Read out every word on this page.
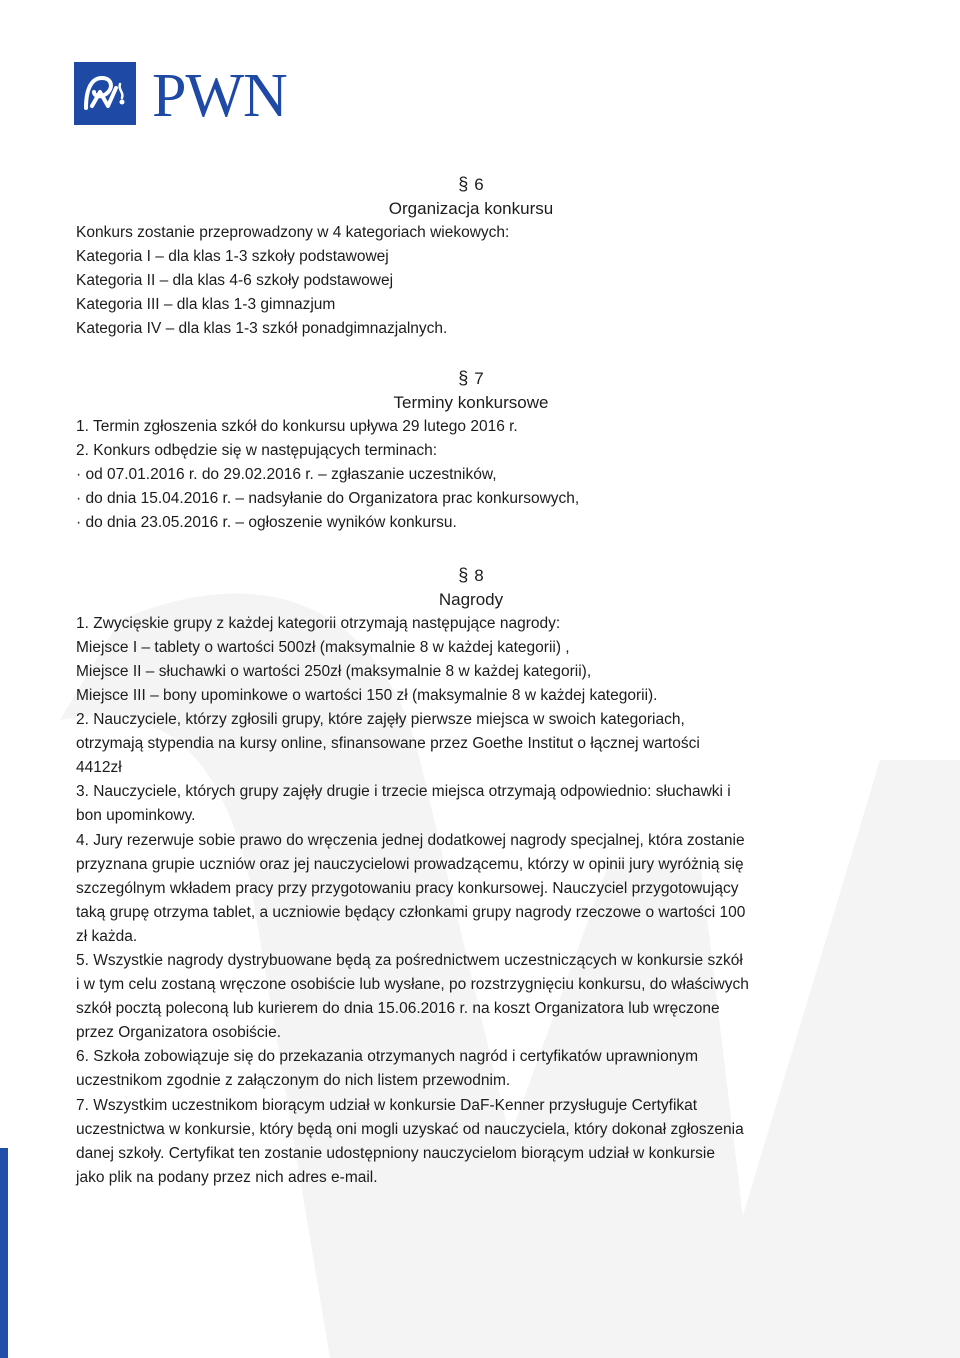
PWN
§ 6
Organizacja konkursu
Konkurs zostanie przeprowadzony w 4 kategoriach wiekowych:
Kategoria I – dla klas 1-3 szkoły podstawowej
Kategoria II – dla klas 4-6 szkoły podstawowej
Kategoria III – dla klas 1-3 gimnazjum
Kategoria IV – dla klas 1-3 szkół ponadgimnazjalnych.
§ 7
Terminy konkursowe
1. Termin zgłoszenia szkół do konkursu upływa 29 lutego 2016 r.
2. Konkurs odbędzie się w następujących terminach:
· od 07.01.2016 r. do 29.02.2016 r. – zgłaszanie uczestników,
· do dnia 15.04.2016 r. – nadsyłanie do Organizatora prac konkursowych,
· do dnia 23.05.2016 r. – ogłoszenie wyników konkursu.
§ 8
Nagrody
1. Zwycięskie grupy z każdej kategorii otrzymają następujące nagrody:
Miejsce I – tablety o wartości 500zł (maksymalnie 8 w każdej kategorii) ,
Miejsce II – słuchawki o wartości 250zł (maksymalnie 8 w każdej kategorii),
Miejsce III – bony upominkowe o wartości 150 zł (maksymalnie 8 w każdej kategorii).
2. Nauczyciele, którzy zgłosili grupy, które zajęły pierwsze miejsca w swoich kategoriach,
otrzymają stypendia na kursy online, sfinansowane przez Goethe Institut o łącznej wartości
4412zł
3. Nauczyciele, których grupy zajęły drugie i trzecie miejsca otrzymają odpowiednio: słuchawki i
bon upominkowy.
4. Jury rezerwuje sobie prawo do wręczenia jednej dodatkowej nagrody specjalnej, która zostanie
przyznana grupie uczniów oraz jej nauczycielowi prowadzącemu, którzy w opinii jury wyróżnią się
szczególnym wkładem pracy przy przygotowaniu pracy konkursowej. Nauczyciel przygotowujący
taką grupę otrzyma tablet, a uczniowie będący członkami grupy nagrody rzeczowe o wartości 100
zł każda.
5. Wszystkie nagrody dystrybuowane będą za pośrednictwem uczestniczących w konkursie szkół
i w tym celu zostaną wręczone osobiście lub wysłane, po rozstrzygnięciu konkursu, do właściwych
szkół pocztą poleconą lub kurierem do dnia 15.06.2016 r. na koszt Organizatora lub wręczone
przez Organizatora osobiście.
6. Szkoła zobowiązuje się do przekazania otrzymanych nagród i certyfikatów uprawnionym
uczestnikom zgodnie z załączonym do nich listem przewodnim.
7. Wszystkim uczestnikom biorącym udział w konkursie DaF-Kenner przysługuje Certyfikat
uczestnictwa w konkursie, który będą oni mogli uzyskać od nauczyciela, który dokonał zgłoszenia
danej szkoły. Certyfikat ten zostanie udostępniony nauczycielom biorącym udział w konkursie
jako plik na podany przez nich adres e-mail.
